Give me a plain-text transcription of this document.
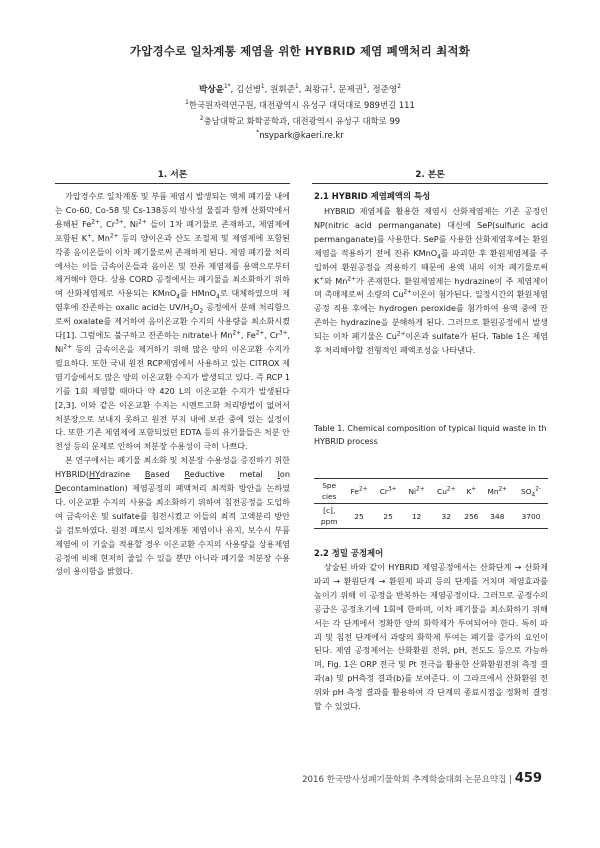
가압경수로 일차계통 제염을 위한 HYBRID 제염 폐액처리 최적화
박상윤$^{1*}$, 김선병$^1$, 원휘준$^1$, 최왕규$^1$, 문제권$^1$, 정준영$^2$
$^1$한국원자력연구원, 대전광역시 유성구 대덕대로 989번길 111
$^2$충남대학교 화학공학과, 대전광역시 유성구 대학로 99
*nsypark@kaeri.re.kr
1. 서론	2. 본론

가압경수로 일차계통 및 부품 제염시 발생되는 액체 폐기물 내에는 Co-60, Co-58 및 Cs-138등의 방사성 물질과 함께 산화막에서 용해된 $Fe^{2+}$, $Cr^{3+}$, $Ni^{2+}$ 들이 1차 폐기물로 존재하고, 제염제에 포함된 K+, $Mn^{2+}$ 등의 양이온과 산도 조절제 및 제염제에 포함된 각종 음이온들이 이차 폐기물로써 존재하게 된다. 제염 폐기물 처리에서는 이들 금속이온들과 음이온 및 잔류 제염제를 용액으로부터 제거해야 한다. 상용 CORD 공정에서는 폐기물을 최소화하기 위하여 산화제염제로 사용되는 KMnO$_4$를 HMnO$_4$로 대체하였으며 제염후에 잔존하는 oxalic acid는 $UV/H_2O_2$ 공정에서 분해 처리함으로써 oxalate를 제거하여 음이온교환 수지의 사용량을 최소화시켰다[1]. 그럼에도 불구하고 잔존하는 nitrate나 $Mn^{2+}$, $Fe^{2+}$, $Cr^{3+}$, $Ni^{2+}$ 등의 금속이온을 제거하기 위해 많은 양의 이온교환 수지가 필요하다. 또한 국내 원전 RCP제염에서 사용하고 있는 CITROX 제염기술에서도 많은 양의 이온교환 수지가 발생되고 있다. 즉 RCP 1기를 1회 제염할 때마다 약 420 L의 이온교환 수지가 발생된다[2,3]. 이와 같은 이온교환 수지는 시멘트고화 처리방법이 없어서 처분장으로 보내지 못하고 원전 부지 내에 보관 중에 있는 실정이다. 또한 기존 제염제에 포함되었던 EDTA 등의 유기물들은 처분 안전성 등의 문제로 인하여 처분장 수용성이 극히 나쁘다.

본 연구에서는 폐기물 최소화 및 처분장 수용성을 증진하기 위한 HYBRID(HYdrazine Based Reductive metal Ion Decontamination) 제염공정의 폐액처리 최적화 방안을 논하였다. 이온교환 수지의 사용을 최소화하기 위하여 침전공정을 도입하여 금속이온 및 sulfate를 침전시켰고 이들의 최적 고액분리 방안을 검토하였다. 원전 폐로시 일차계통 제염이나 유지, 보수시 부품제염에 이 기술을 적용할 경우 이온교환 수지의 사용량을 상용제염공정에 비해 현저히 줄일 수 있을 뿐만 아니라 폐기물 처분장 수용성이 용이함을 밝혔다.

2.1 HYBRID 제염폐액의 특성

HYBRID 제염제를 활용한 제염시 산화제염제는 기존 공정인 NP(nitric acid permanganate) 대신에 SeP(sulfuric acid permanganate)를 사용한다. SeP를 사용한 산화제염후에는 환원제염을 적용하기 전에 잔류 KMnO$_4$를 파괴한 후 환원제염제를 주입하여 환원공정을 적용하기 때문에 용액 내의 이차 폐기물로써 K+와 $Mn^{2+}$가 존재한다. 환원제염제는 hydrazine이 주 제염제이며 촉매제로써 소량의 $Cu^{2+}$이온이 첨가된다. 일정시간의 환원제염 공정 적용 후에는 hydrogen peroxide를 첨가하여 용액 중에 잔존하는 hydrazine을 분해하게 된다. 그러므로 환원공정에서 발생되는 이차 폐기물은 $Cu^{2+}$이온과 sulfate가 된다. Table 1은 제염 후 처리해야할 전형적인 폐액조성을 나타낸다.

Table 1. Chemical composition of typical liquid waste in th HYBRID process
Spe cies	$Fe^{2+}$	$Cr^{3+}$	$Ni^{2+}$	$Cu^{2+}$	K+	$Mn^{2+}$	$SO_4^{2-}$
[c], ppm	25	25	12	32	256	348	3700
2.2 정밀 공정제어

상술된 바와 같이 HYBRID 제염공정에서는 산화단계 → 산화제파괴 → 환원단계 → 환원제 파괴 등의 단계를 거치며 제염효과를 높이기 위해 이 공정을 반복하는 제염공정이다. 그러므로 공정수의 공급은 공정초기에 1회에 한하며, 이차 폐기물을 최소화하기 위해서는 각 단계에서 정확한 양의 화학제가 투여되어야 한다. 특히 파괴 및 침전 단계에서 과량의 화학제 투여는 폐기물 증가의 요인이 된다. 제염 공정제어는 산화환원 전위, pH, 전도도 등으로 가능하며, Fig. 1은 ORP 전극 및 Pt 전극을 활용한 산화환원전위 측정 결과(a) 및 pH측정 결과(b)를 보여준다. 이 그라프에서 산화환원 전위와 pH 측정 결과를 활용하여 각 단계의 종료시점을 정확히 결정할 수 있었다.

2016 한국방사성폐기물학회 추계학술대회 논문요약집 | 459
